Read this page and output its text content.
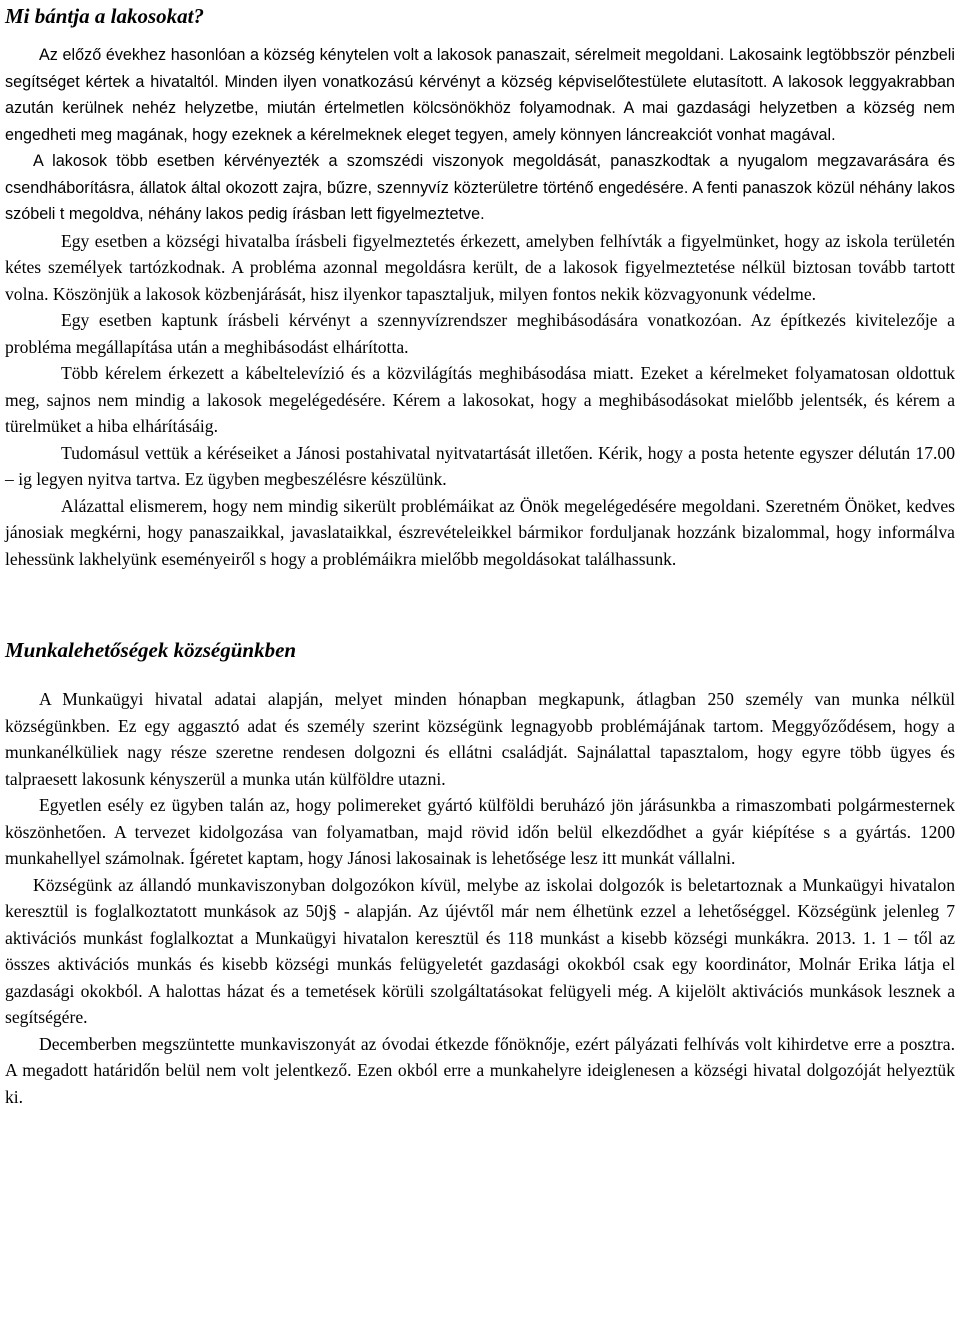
Mi bántja a lakosokat?

Az előző évekhez hasonlóan a község kénytelen volt a lakosok panaszait, sérelmeit megoldani. Lakosaink legtöbbször pénzbeli segítséget kértek a hivataltól. Minden ilyen vonatkozású kérvényt a község képviselőtestülete elutasított. A lakosok leggyakrabban azután kerülnek nehéz helyzetbe, miután értelmetlen kölcsönökhöz folyamodnak. A mai gazdasági helyzetben a község nem engedheti meg magának, hogy ezeknek a kérelmeknek eleget tegyen, amely könnyen láncreakciót vonhat magával.

A lakosok több esetben kérvényezték a szomszédi viszonyok megoldását, panaszkodtak a nyugalom megzavarására és csendháborításra, állatok által okozott zajra, bűzre, szennyvíz közterületre történő engedésére. A fenti panaszok közül néhány lakos szóbeli t megoldva, néhány lakos pedig írásban lett figyelmeztetve.

Egy esetben a községi hivatalba írásbeli figyelmeztetés érkezett, amelyben felhívták a figyelmünket, hogy az iskola területén kétes személyek tartózkodnak. A probléma azonnal megoldásra került, de a lakosok figyelmeztetése nélkül biztosan tovább tartott volna. Köszönjük a lakosok közbenjárását, hisz ilyenkor tapasztaljuk, milyen fontos nekik közvagyonunk védelme.

Egy esetben kaptunk írásbeli kérvényt a szennyvízrendszer meghibásodására vonatkozóan. Az építkezés kivitelezője a probléma megállapítása után a meghibásodást elhárította.

Több kérelem érkezett a kábeltelevízió és a közvilágítás meghibásodása miatt. Ezeket a kérelmeket folyamatosan oldottuk meg, sajnos nem mindig a lakosok megelégedésére. Kérem a lakosokat, hogy a meghibásodásokat mielőbb jelentsék, és kérem a türelmüket a hiba elhárításáig.

Tudomásul vettük a kéréseiket a Jánosi postahivatal nyitvatartását illetően. Kérik, hogy a posta hetente egyszer délután 17.00 – ig legyen nyitva tartva. Ez ügyben megbeszélésre készülünk.

Alázattal elismerem, hogy nem mindig sikerült problémáikat az Önök megelégedésére megoldani. Szeretném Önöket, kedves jánosiak megkérni, hogy panaszaikkal, javaslataikkal, észrevételeikkel bármikor forduljanak hozzánk bizalommal, hogy informálva lehessünk lakhelyünk eseményeiről s hogy a problémáikra mielőbb megoldásokat találhassunk.

Munkalehetőségek községünkben

A Munkaügyi hivatal adatai alapján, melyet minden hónapban megkapunk, átlagban 250 személy van munka nélkül községünkben. Ez egy aggasztó adat és személy szerint községünk legnagyobb problémájának tartom. Meggyőződésem, hogy a munkanélküliek nagy része szeretne rendesen dolgozni és ellátni családját. Sajnálattal tapasztalom, hogy egyre több ügyes és talpraesett lakosunk kényszerül a munka után külföldre utazni.

Egyetlen esély ez ügyben talán az, hogy polimereket gyártó külföldi beruházó jön járásunkba a rimaszombati polgármesternek köszönhetően. A tervezet kidolgozása van folyamatban, majd rövid időn belül elkezdődhet a gyár kiépítése s a gyártás. 1200 munkahellyel számolnak. Ígéretet kaptam, hogy Jánosi lakosainak is lehetősége lesz itt munkát vállalni.

Községünk az állandó munkaviszonyban dolgozókon kívül, melybe az iskolai dolgozók is beletartoznak a Munkaügyi hivatalon keresztül is foglalkoztatott munkások az 50j§ - alapján. Az újévtől már nem élhetünk ezzel a lehetőséggel. Községünk jelenleg 7 aktivációs munkást foglalkoztat a Munkaügyi hivatalon keresztül és 118 munkást a kisebb községi munkákra. 2013. 1. 1 – től az összes aktivációs munkás és kisebb községi munkás felügyeletét gazdasági okokból csak egy koordinátor, Molnár Erika látja el gazdasági okokból. A halottas házat és a temetések körüli szolgáltatásokat felügyeli még. A kijelölt aktivációs munkások lesznek a segítségére.

Decemberben megszüntette munkaviszonyát az óvodai étkezde főnöknője, ezért pályázati felhívás volt kihirdetve erre a posztra. A megadott határidőn belül nem volt jelentkező. Ezen okból erre a munkahelyre ideiglenesen a községi hivatal dolgozóját helyeztük ki.
